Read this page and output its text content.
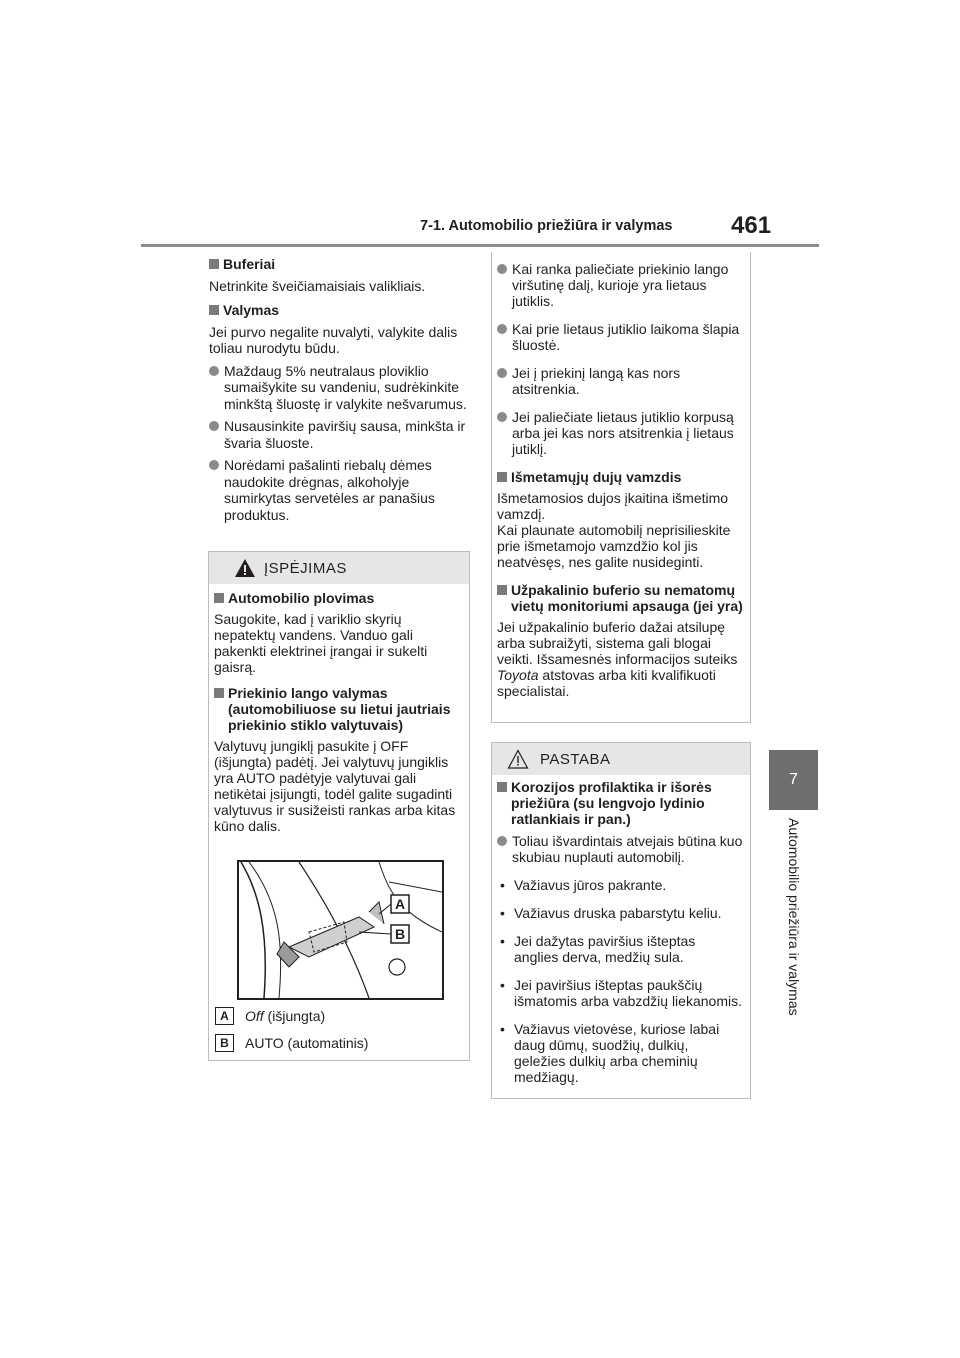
7-1. Automobilio priežiūra ir valymas 461
7
Automobilio priežiūra ir valymas

Buferiai

Netrinkite šveičiamaisiais valikliais.

Valymas

Jei purvo negalite nuvalyti, valykite dalis toliau nurodytu būdu.

Maždaug 5% neutralaus ploviklio sumaišykite su vandeniu, sudrėkinkite minkštą šluostę ir valykite nešvarumus.

Nusausinkite paviršių sausa, minkšta ir švaria šluoste.

Norėdami pašalinti riebalų dėmes naudokite drėgnas, alkoholyje sumirkytas servetėles ar panašius produktus.

ĮSPĖJIMAS

Automobilio plovimas

Saugokite, kad į variklio skyrių nepatektų vandens. Vanduo gali pakenkti elektrinei įrangai ir sukelti gaisrą.

Priekinio lango valymas (automobiliuose su lietui jautriais priekinio stiklo valytuvais)

Valytuvų jungiklį pasukite į OFF (išjungta) padėtį. Jei valytuvų jungiklis yra AUTO padėtyje valytuvai gali netikėtai įsijungti, todėl galite sugadinti valytuvus ir susižeisti rankas arba kitas kūno dalis.

A
B

A	Off (išjungta)

B	AUTO (automatinis)

Kai ranka paliečiate priekinio lango viršutinę dalį, kurioje yra lietaus jutiklis.

Kai prie lietaus jutiklio laikoma šlapia šluostė.

Jei į priekinį langą kas nors atsitrenkia.

Jei paliečiate lietaus jutiklio korpusą arba jei kas nors atsitrenkia į lietaus jutiklį.

Išmetamųjų dujų vamzdis

Išmetamosios dujos įkaitina išmetimo vamzdį.

Kai plaunate automobilį neprisilieskite prie išmetamojo vamzdžio kol jis neatvėsęs, nes galite nusideginti.

Užpakalinio buferio su nematomų vietų monitoriumi apsauga (jei yra)

Jei užpakalinio buferio dažai atsilupę arba subraižyti, sistema gali blogai veikti. Išsamesnės informacijos suteiks Toyota atstovas arba kiti kvalifikuoti specialistai.

PASTABA

Korozijos profilaktika ir išorės priežiūra (su lengvojo lydinio ratlankiais ir pan.)

Toliau išvardintais atvejais būtina kuo skubiau nuplauti automobilį.

• Važiavus jūros pakrante.

• Važiavus druska pabarstytu keliu.

• Jei dažytas paviršius išteptas anglies derva, medžių sula.

• Jei paviršius išteptas paukščių išmatomis arba vabzdžių liekanomis.

• Važiavus vietovėse, kuriose labai daug dūmų, suodžių, dulkių, geležies dulkių arba cheminių medžiagų.
